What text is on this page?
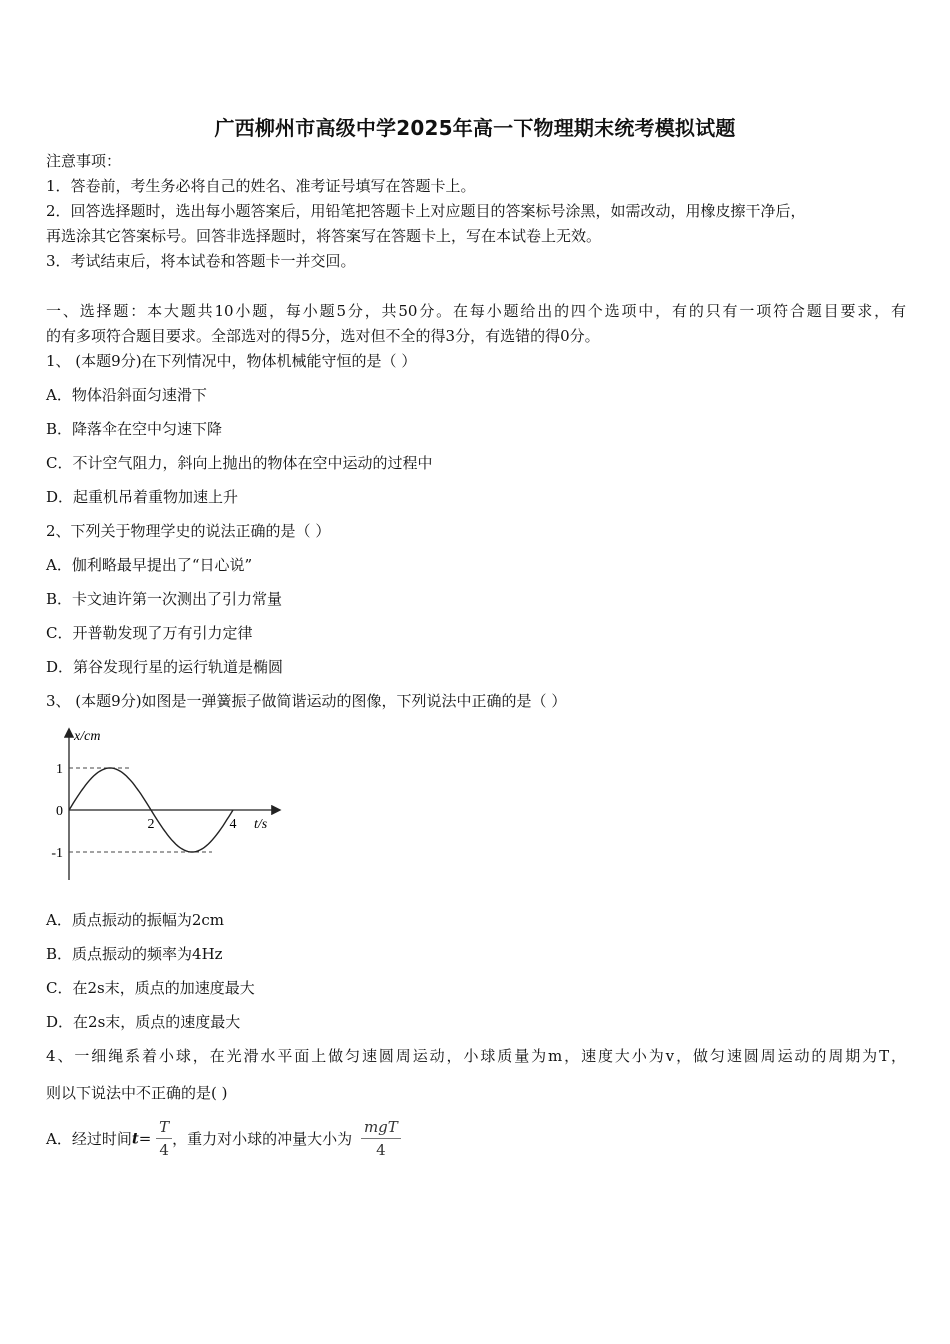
广西柳州市高级中学2025年高一下物理期末统考模拟试题
注意事项：
1．答卷前，考生务必将自己的姓名、准考证号填写在答题卡上。
2．回答选择题时，选出每小题答案后，用铅笔把答题卡上对应题目的答案标号涂黑，如需改动，用橡皮擦干净后，
再选涂其它答案标号。回答非选择题时，将答案写在答题卡上，写在本试卷上无效。
3．考试结束后，将本试卷和答题卡一并交回。
一、选择题：本大题共10小题，每小题5分，共50分。在每小题给出的四个选项中，有的只有一项符合题目要求，有
的有多项符合题目要求。全部选对的得5分，选对但不全的得3分，有选错的得0分。
1、 (本题9分)在下列情况中，物体机械能守恒的是（ ）
A．物体沿斜面匀速滑下
B．降落伞在空中匀速下降
C．不计空气阻力，斜向上抛出的物体在空中运动的过程中
D．起重机吊着重物加速上升
2、下列关于物理学史的说法正确的是（ ）
A．伽利略最早提出了“日心说”
B．卡文迪许第一次测出了引力常量
C．开普勒发现了万有引力定律
D．第谷发现行星的运行轨道是椭圆
3、 (本题9分)如图是一弹簧振子做简谐运动的图像，下列说法中正确的是（ ）
x/cm
t/s
1
0
-1
2	4
A．质点振动的振幅为2cm
B．质点振动的频率为4Hz
C．在2s末，质点的加速度最大
D．在2s末，质点的速度最大
4、一细绳系着小球，在光滑水平面上做匀速圆周运动，小球质量为m，速度大小为v，做匀速圆周运动的周期为T，
则以下说法中不正确的是( )
A．经过时间$t= \frac{T}{4}$ ，重力对小球的冲量大小为 $\frac{\text{mgT}}{4}$
